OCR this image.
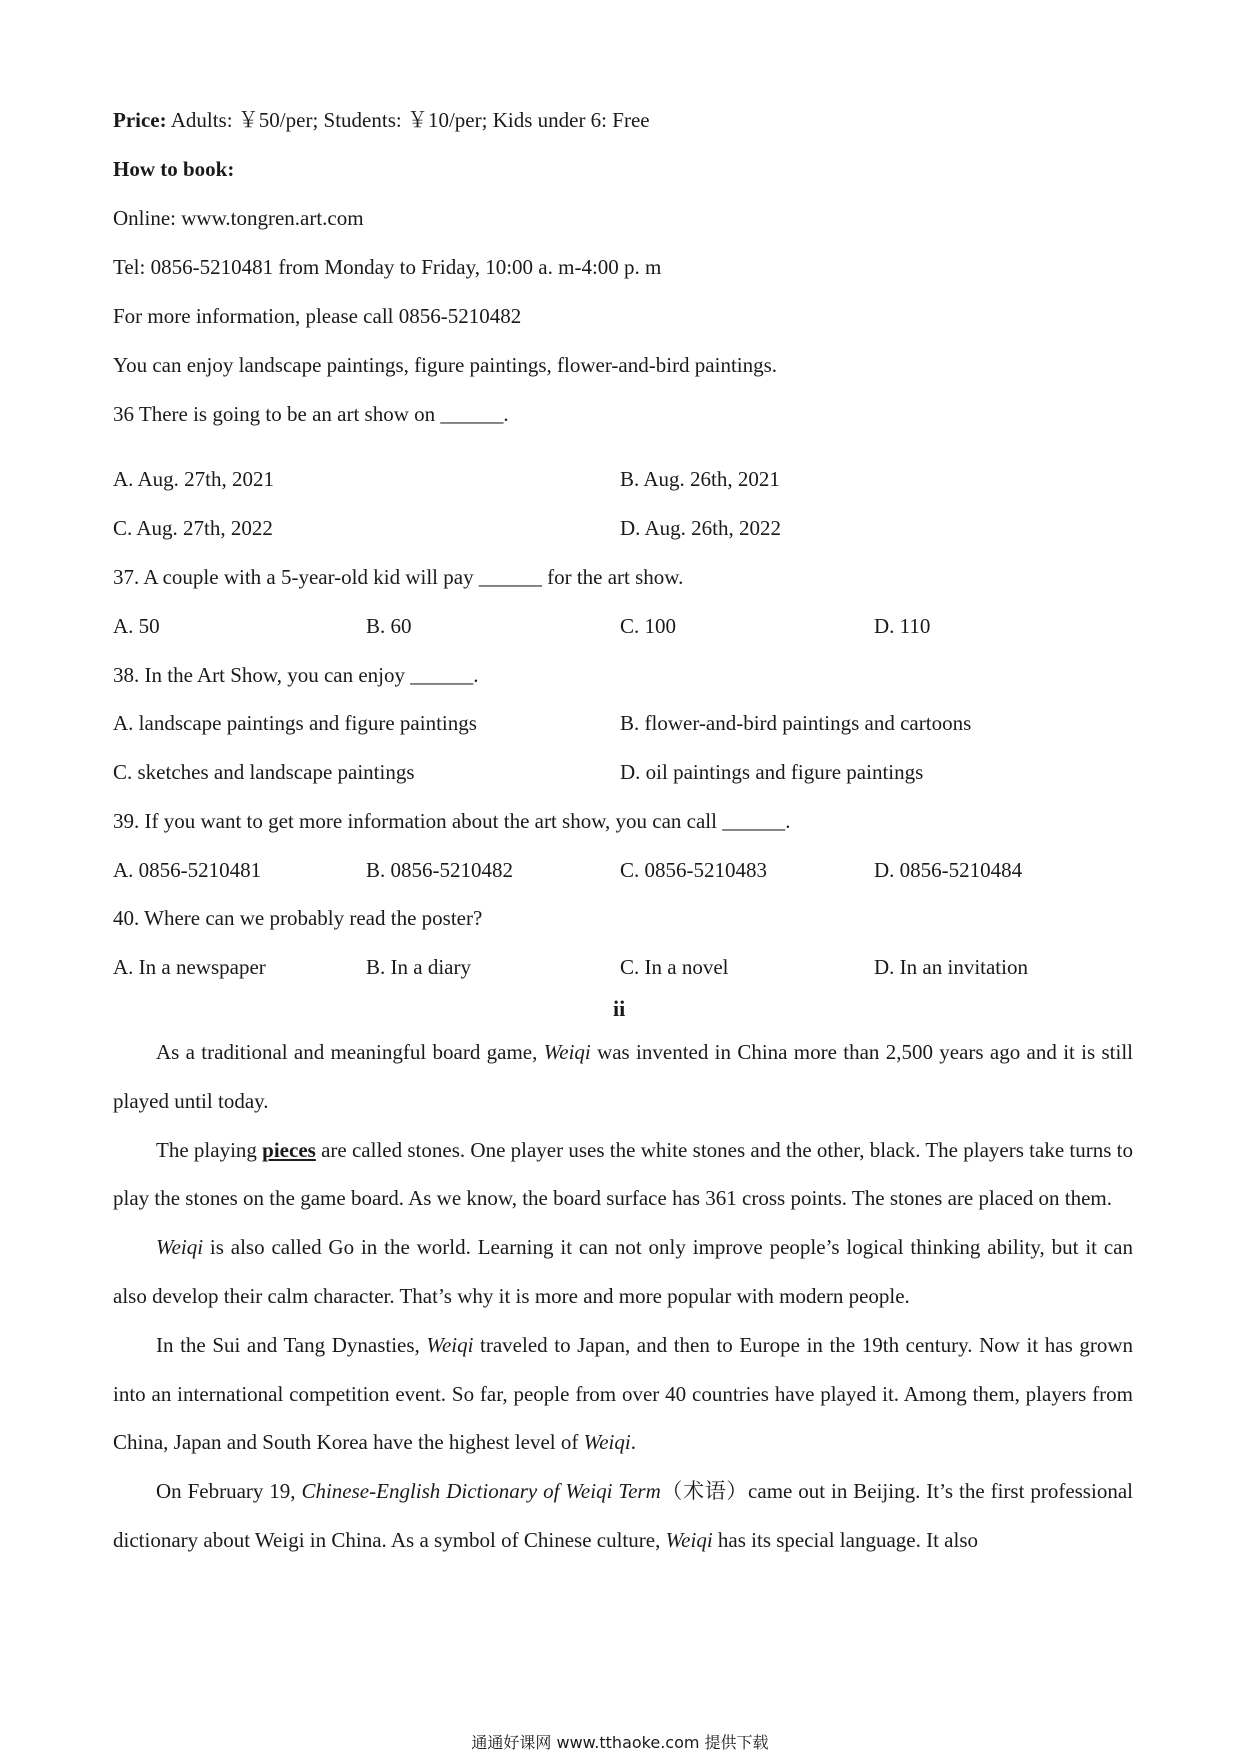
Price: Adults: ￥50/per; Students: ￥10/per; Kids under 6: Free
How to book:
Online: www.tongren.art.com
Tel: 0856-5210481 from Monday to Friday, 10:00 a. m-4:00 p. m
For more information, please call 0856-5210482
You can enjoy landscape paintings, figure paintings, flower-and-bird paintings.
36 There is going to be an art show on ______.
A. Aug. 27th, 2021	B. Aug. 26th, 2021
C. Aug. 27th, 2022	D. Aug. 26th, 2022
37. A couple with a 5-year-old kid will pay ______ for the art show.
A. 50	B. 60	C. 100	D. 110
38. In the Art Show, you can enjoy ______.
A. landscape paintings and figure paintings	B. flower-and-bird paintings and cartoons
C. sketches and landscape paintings	D. oil paintings and figure paintings
39. If you want to get more information about the art show, you can call ______.
A. 0856-5210481	B. 0856-5210482	C. 0856-5210483	D. 0856-5210484
40. Where can we probably read the poster?
A. In a newspaper	B. In a diary	C. In a novel	D. In an invitation
ii

As a traditional and meaningful board game, Weiqi was invented in China more than 2,500 years ago and it is still played until today.

The playing pieces are called stones. One player uses the white stones and the other, black. The players take turns to play the stones on the game board. As we know, the board surface has 361 cross points. The stones are placed on them.

Weiqi is also called Go in the world. Learning it can not only improve people’s logical thinking ability, but it can also develop their calm character. That’s why it is more and more popular with modern people.

In the Sui and Tang Dynasties, Weiqi traveled to Japan, and then to Europe in the 19th century. Now it has grown into an international competition event. So far, people from over 40 countries have played it. Among them, players from China, Japan and South Korea have the highest level of Weiqi.

On February 19, Chinese-English Dictionary of Weiqi Term（术语）came out in Beijing. It’s the first professional dictionary about Weigi in China. As a symbol of Chinese culture, Weiqi has its special language. It also

通通好课网 www.tthaoke.com 提供下载
